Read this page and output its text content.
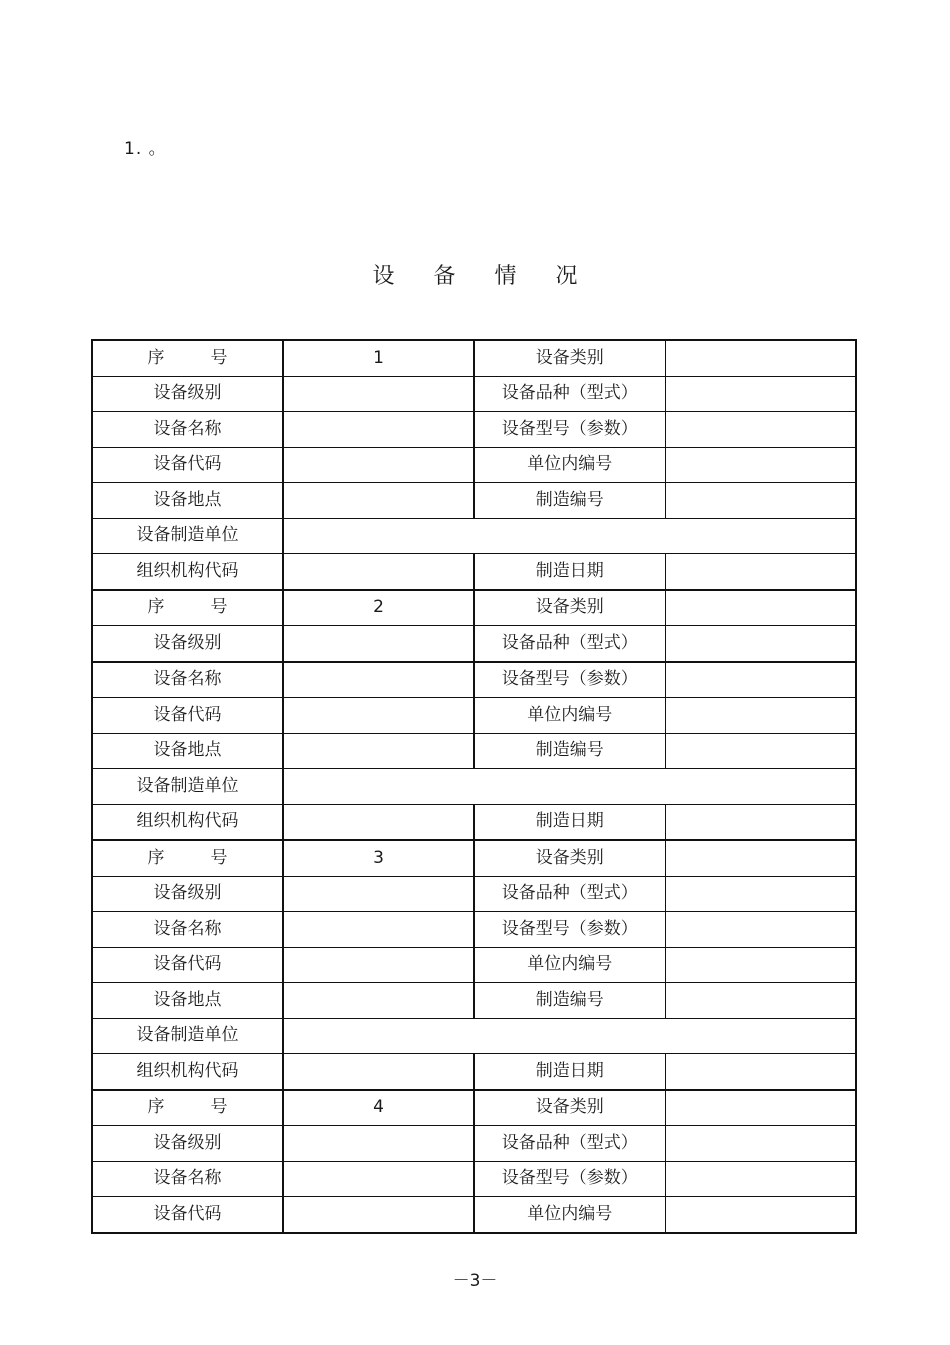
1. 。
设 备 情 况
序 号	1	设备类别	
设备级别		设备品种（型式）	
设备名称		设备型号（参数）	
设备代码		单位内编号	
设备地点		制造编号	
设备制造单位			
组织机构代码		制造日期	
序 号	2	设备类别	
设备级别		设备品种（型式）	
设备名称		设备型号（参数）	
设备代码		单位内编号	
设备地点		制造编号	
设备制造单位			
组织机构代码		制造日期	
序 号	3	设备类别	
设备级别		设备品种（型式）	
设备名称		设备型号（参数）	
设备代码		单位内编号	
设备地点		制造编号	
设备制造单位			
组织机构代码		制造日期	
序 号	4	设备类别	
设备级别		设备品种（型式）	
设备名称		设备型号（参数）	
设备代码		单位内编号	
－3－
